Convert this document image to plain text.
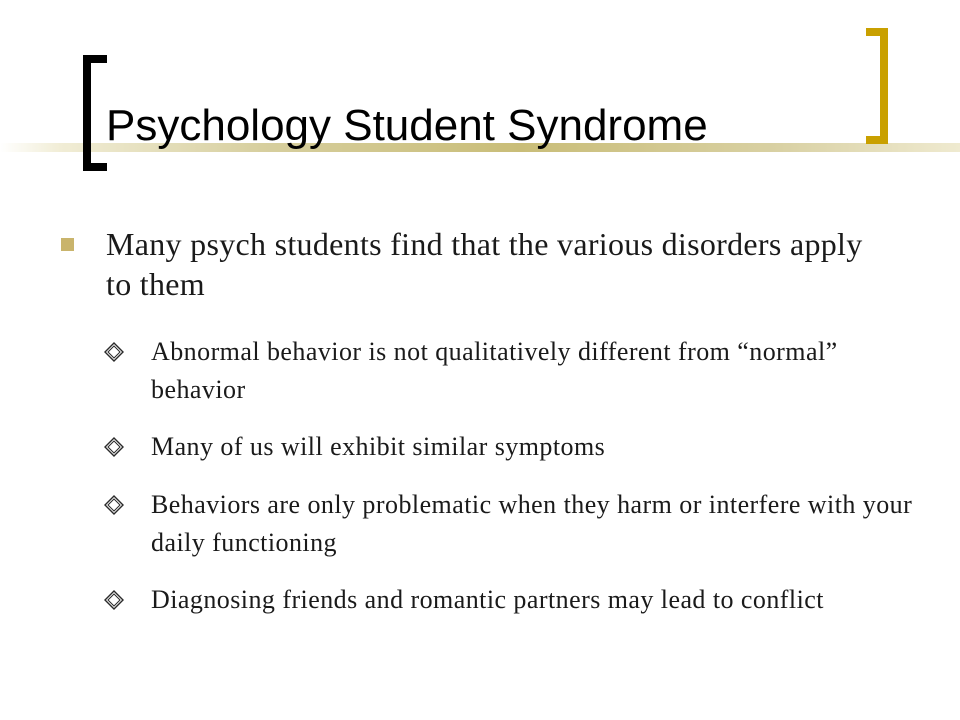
Psychology Student Syndrome
Many psych students find that the various disorders apply to them
Abnormal behavior is not qualitatively different from “normal” behavior
Many of us will exhibit similar symptoms
Behaviors are only problematic when they harm or interfere with your daily functioning
Diagnosing friends and romantic partners may lead to conflict
